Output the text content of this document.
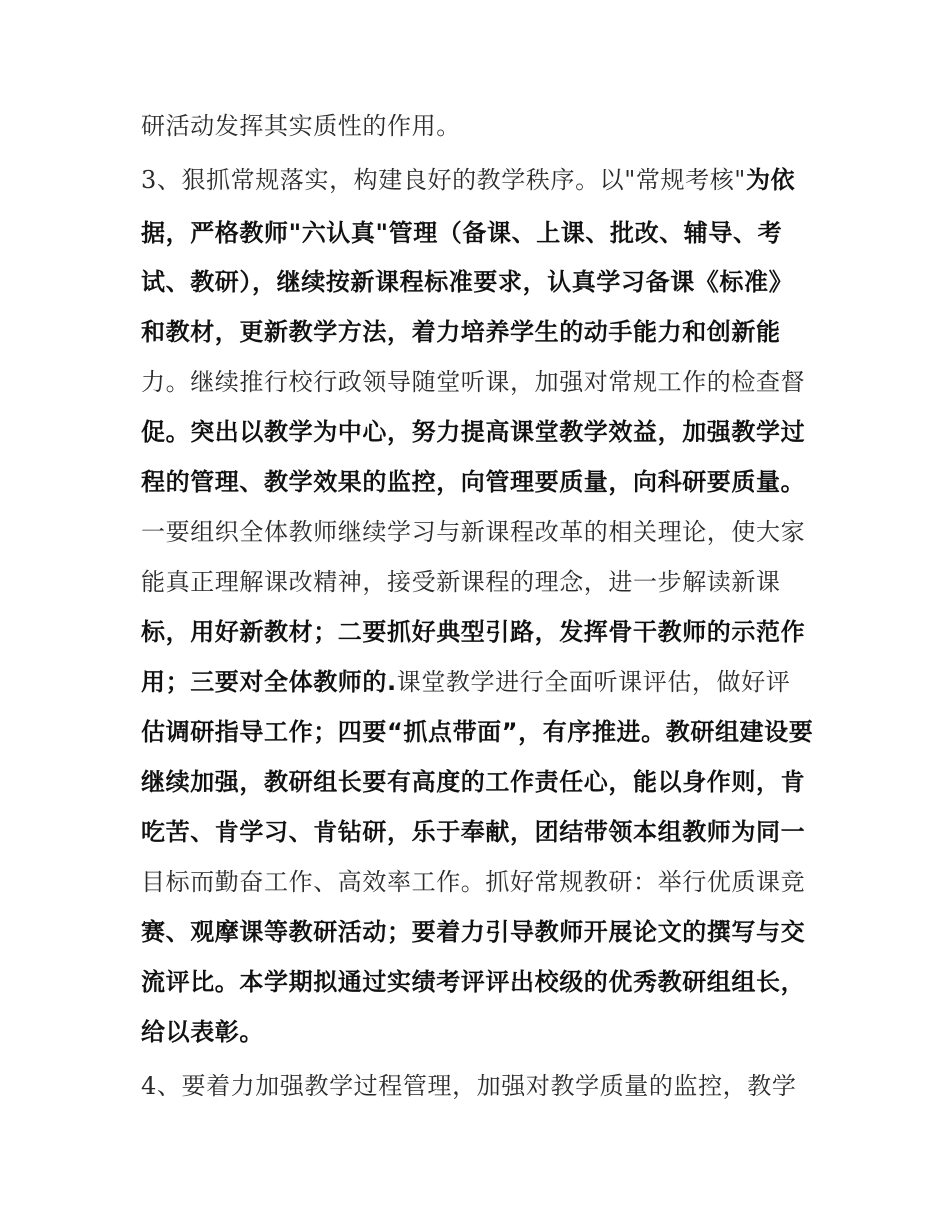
研活动发挥其实质性的作用。
3、狠抓常规落实，构建良好的教学秩序。以"常规考核"为依
据，严格教师"六认真"管理（备课、上课、批改、辅导、考
试、教研），继续按新课程标准要求，认真学习备课《标准》
和教材，更新教学方法，着力培养学生的动手能力和创新能
力。继续推行校行政领导随堂听课，加强对常规工作的检查督
促。突出以教学为中心，努力提高课堂教学效益，加强教学过
程的管理、教学效果的监控，向管理要质量，向科研要质量。
一要组织全体教师继续学习与新课程改革的相关理论，使大家
能真正理解课改精神，接受新课程的理念，进一步解读新课
标，用好新教材；二要抓好典型引路，发挥骨干教师的示范作
用；三要对全体教师的.课堂教学进行全面听课评估，做好评
估调研指导工作；四要“抓点带面”，有序推进。教研组建设要
继续加强，教研组长要有高度的工作责任心，能以身作则，肯
吃苦、肯学习、肯钻研，乐于奉献，团结带领本组教师为同一
目标而勤奋工作、高效率工作。抓好常规教研：举行优质课竞
赛、观摩课等教研活动；要着力引导教师开展论文的撰写与交
流评比。本学期拟通过实绩考评评出校级的优秀教研组组长，
给以表彰。
4、要着力加强教学过程管理，加强对教学质量的监控，教学
